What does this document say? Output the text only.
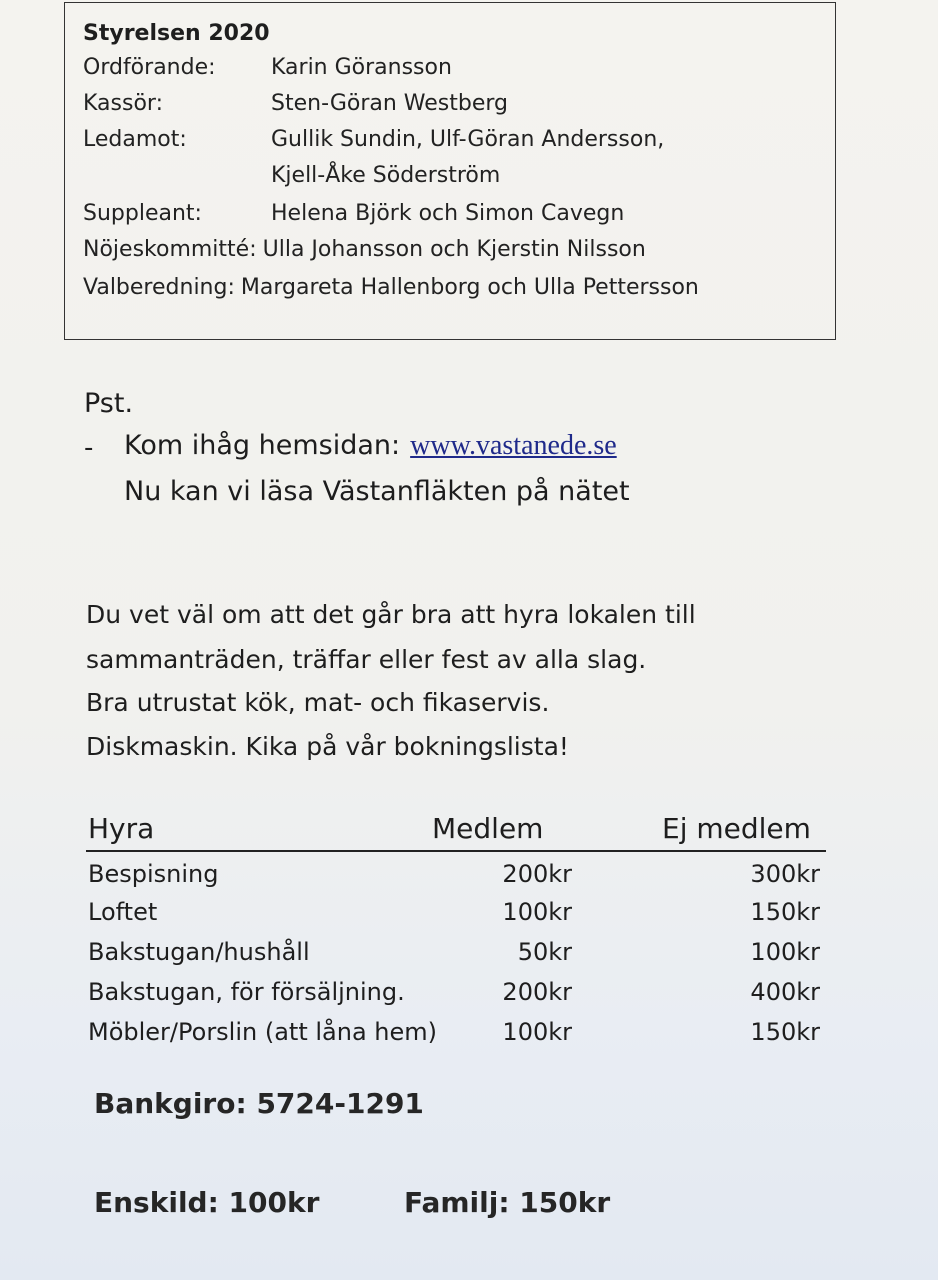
Styrelsen 2020
Ordförande:	Karin Göransson
Kassör:	Sten-Göran Westberg
Ledamot:	Gullik Sundin, Ulf-Göran Andersson,
Kjell-Åke Söderström
Suppleant:	Helena Björk och Simon Cavegn
Nöjeskommitté: Ulla Johansson och Kjerstin Nilsson
Valberedning: Margareta Hallenborg och Ulla Pettersson
Pst.
- Kom ihåg hemsidan: www.vastanede.se
Nu kan vi läsa Västanfläkten på nätet
Du vet väl om att det går bra att hyra lokalen till
sammanträden, träffar eller fest av alla slag.
Bra utrustat kök, mat- och fikaservis.
Diskmaskin. Kika på vår bokningslista!
Hyra	Medlem	Ej medlem
Bespisning	200kr	300kr
Loftet	100kr	150kr
Bakstugan/hushåll	50kr	100kr
Bakstugan, för försäljning.	200kr	400kr
Möbler/Porslin (att låna hem)	100kr	150kr
Bankgiro: 5724-1291
Enskild: 100kr	Familj: 150kr
